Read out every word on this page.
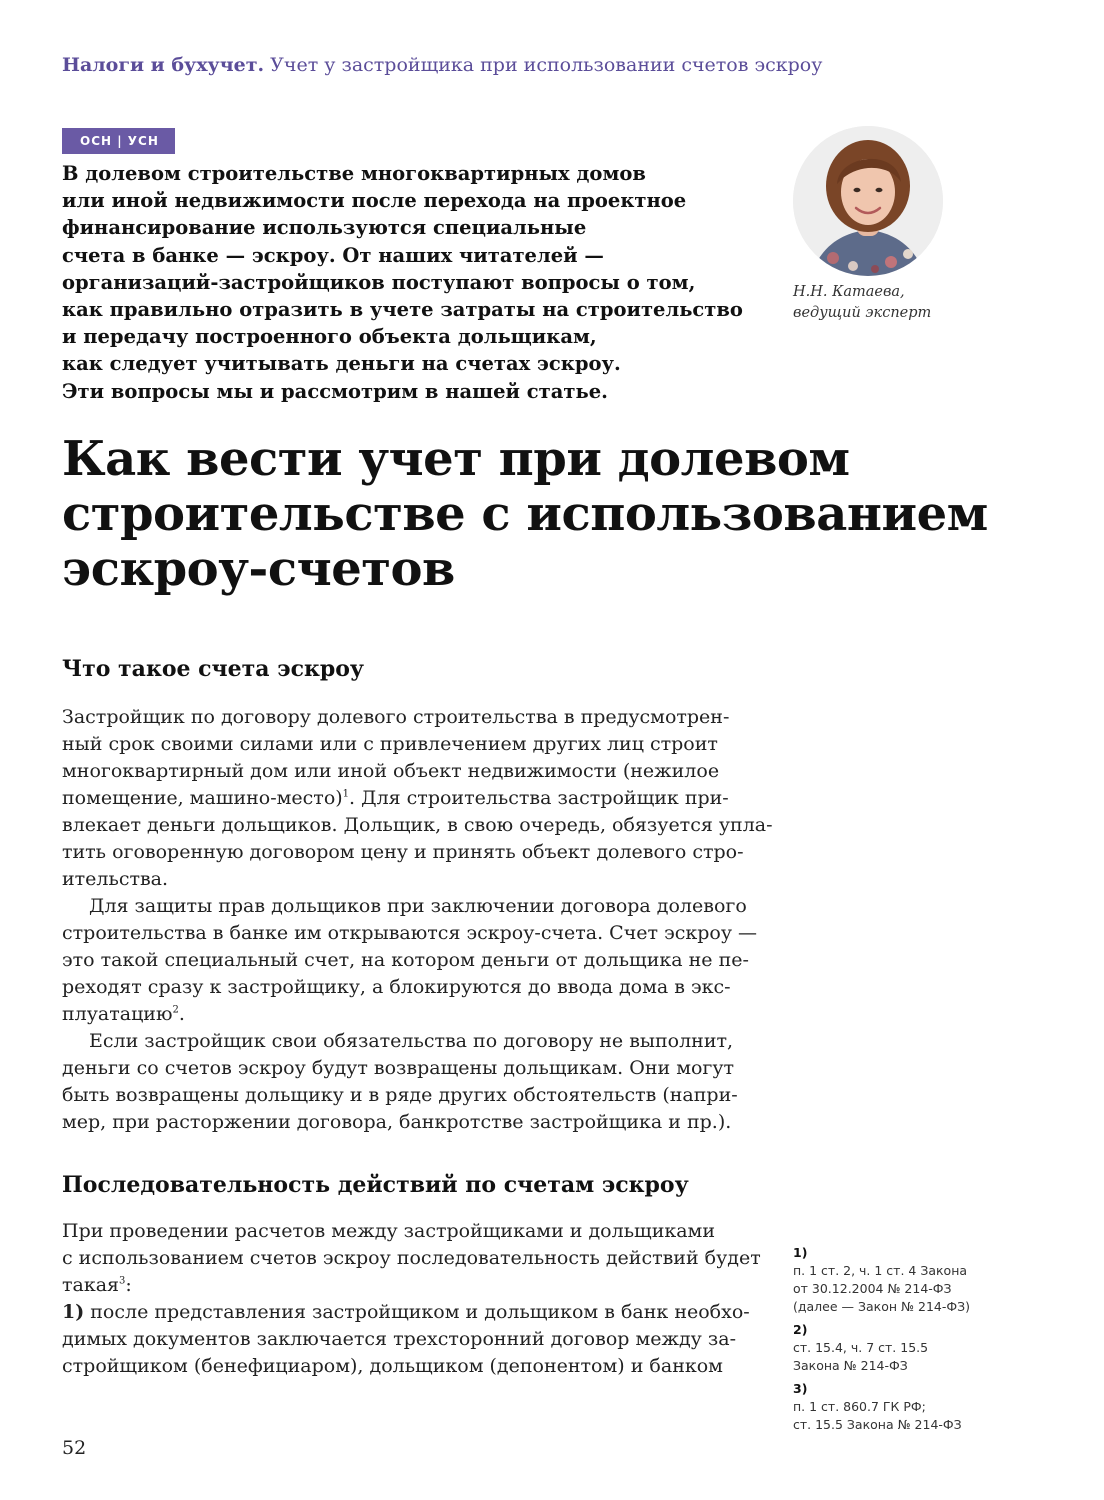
Налоги и бухучет. Учет у застройщика при использовании счетов эскроу
ОСН | УСН
В долевом строительстве многоквартирных домов
или иной недвижимости после перехода на проектное
финансирование используются специальные
счета в банке — эскроу. От наших читателей —
организаций-застройщиков поступают вопросы о том,
как правильно отразить в учете затраты на строительство
и передачу построенного объекта дольщикам,
как следует учитывать деньги на счетах эскроу.
Эти вопросы мы и рассмотрим в нашей статье.
Н.Н. Катаева,
ведущий эксперт
Как вести учет при долевом
строительстве с использованием
эскроу-счетов
Что такое счета эскроу
Застройщик по договору долевого строительства в предусмотрен-
ный срок своими силами или с привлечением других лиц строит
многоквартирный дом или иной объект недвижимости (нежилое
помещение, машино-место)$^1$. Для строительства застройщик при-
влекает деньги дольщиков. Дольщик, в свою очередь, обязуется упла-
тить оговоренную договором цену и принять объект долевого стро-
ительства.
Для защиты прав дольщиков при заключении договора долевого
строительства в банке им открываются эскроу-счета. Счет эскроу —
это такой специальный счет, на котором деньги от дольщика не пе-
реходят сразу к застройщику, а блокируются до ввода дома в экс-
плуатацию$^2$.
Если застройщик свои обязательства по договору не выполнит,
деньги со счетов эскроу будут возвращены дольщикам. Они могут
быть возвращены дольщику и в ряде других обстоятельств (напри-
мер, при расторжении договора, банкротстве застройщика и пр.).
Последовательность действий по счетам эскроу
При проведении расчетов между застройщиками и дольщиками
с использованием счетов эскроу последовательность действий будет
такая$^3$:
1) после представления застройщиком и дольщиком в банк необхо-
димых документов заключается трехсторонний договор между за-
стройщиком (бенефициаром), дольщиком (депонентом) и банком
1)
п. 1 ст. 2, ч. 1 ст. 4 Закона
от 30.12.2004 № 214-ФЗ
(далее — Закон № 214-ФЗ)
2)
ст. 15.4, ч. 7 ст. 15.5
Закона № 214-ФЗ
3)
п. 1 ст. 860.7 ГК РФ;
ст. 15.5 Закона № 214-ФЗ
52
